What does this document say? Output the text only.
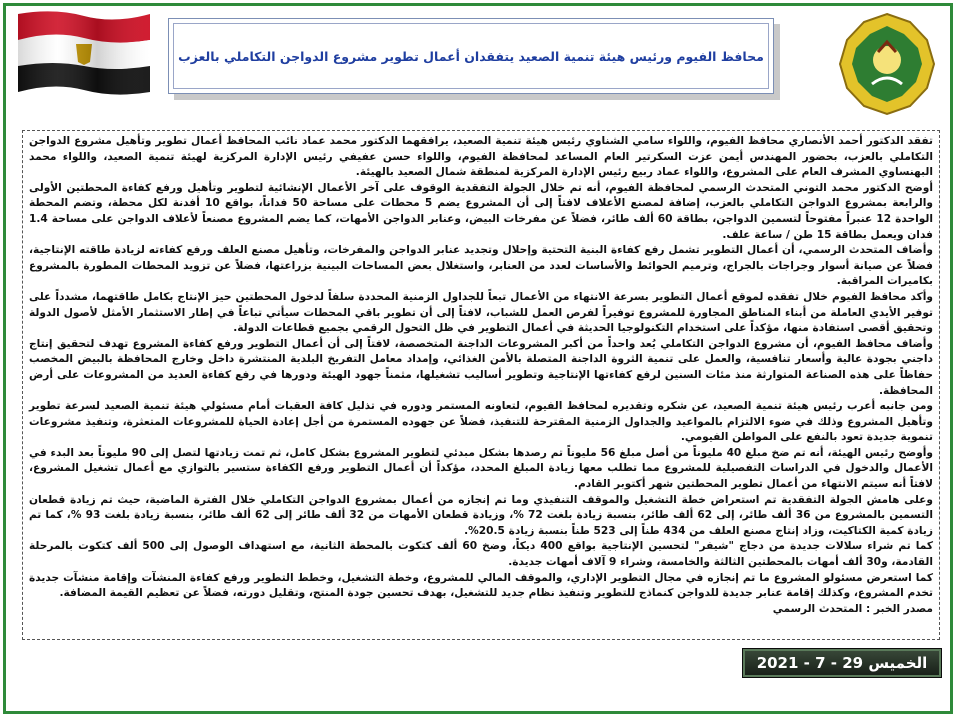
محافظ الفيوم ورئيس هيئة تنمية الصعيد يتفقدان أعمال تطوير مشروع الدواجن التكاملي بالعزب

تفقد الدكتور أحمد الأنصاري محافظ الفيوم، واللواء سامي الشناوي رئيس هيئة تنمية الصعيد، يرافقهما الدكتور محمد عماد نائب المحافظ أعمال تطوير وتأهيل مشروع الدواجن التكاملي بالعزب، بحضور المهندس أيمن عزت السكرتير العام المساعد لمحافظة الفيوم، واللواء حسن عفيفي رئيس الإدارة المركزية لهيئة تنمية الصعيد، واللواء محمد البهنساوي المشرف العام على المشروع، واللواء عماد ربيع رئيس الإدارة المركزية لمنطقة شمال الصعيد بالهيئة.

أوضح الدكتور محمد التوني المتحدث الرسمي لمحافظة الفيوم، أنه تم خلال الجولة التفقدية الوقوف على آخر الأعمال الإنشائية لتطوير وتأهيل ورفع كفاءة المحطتين الأولى والرابعة بمشروع الدواجن التكاملي بالعزب، إضافة لمصنع الأعلاف لافتاً إلى أن المشروع يضم 5 محطات على مساحة 50 فداناً، بواقع 10 أفدنة لكل محطة، وتضم المحطة الواحدة 12 عنبراً مفتوحاً لتسمين الدواجن، بطاقة 60 ألف طائر، فضلاً عن مفرخات البيض، وعنابر الدواجن الأمهات، كما يضم المشروع مصنعاً لأعلاف الدواجن على مساحة 1.4 فدان ويعمل بطاقة 15 طن / ساعة علف.

وأضاف المتحدث الرسمي، أن أعمال التطوير تشمل رفع كفاءة البنية التحتية وإحلال وتجديد عنابر الدواجن والمفرخات، وتأهيل مصنع العلف ورفع كفاءته لزيادة طاقته الإنتاجية، فضلاً عن صيانة أسوار وجراجات بالجراج، وترميم الحوائط والأساسات لعدد من العنابر، واستغلال بعض المساحات البينية بزراعتها، فضلاً عن تزويد المحطات المطورة بالمشروع بكاميرات المراقبة.

وأكد محافظ الفيوم خلال تفقده لموقع أعمال التطوير بسرعة الانتهاء من الأعمال تبعاً للجداول الزمنية المحددة سلفاً لدخول المحطتين حيز الإنتاج بكامل طاقتهما، مشدداً على توفير الأيدي العاملة من أبناء المناطق المجاورة للمشروع توفيراً لفرص العمل للشباب، لافتاً إلى أن تطوير باقي المحطات سيأتي تباعاً في إطار الاستثمار الأمثل لأصول الدولة وتحقيق أقصى استفادة منها، مؤكداً على استخدام التكنولوجيا الحديثة في أعمال التطوير في ظل التحول الرقمي بجميع قطاعات الدولة.

وأضاف محافظ الفيوم، أن مشروع الدواجن التكاملي يُعد واحداً من أكبر المشروعات الداجنة المتخصصة، لافتاً إلى أن أعمال التطوير ورفع كفاءة المشروع تهدف لتحقيق إنتاج داجني بجودة عالية وأسعار تنافسية، والعمل على تنمية الثروة الداجنة المتصلة بالأمن الغذائي، وإمداد معامل التفريخ البلدية المنتشرة داخل وخارج المحافظة بالبيض المخصب حفاظاً على هذه الصناعة المتوارثة منذ مئات السنين لرفع كفاءتها الإنتاجية وتطوير أساليب تشغيلها، مثمناً جهود الهيئة ودورها في رفع كفاءة العديد من المشروعات على أرض المحافظة.

ومن جانبه أعرب رئيس هيئة تنمية الصعيد، عن شكره وتقديره لمحافظ الفيوم، لتعاونه المستمر ودوره في تذليل كافة العقبات أمام مسئولي هيئة تنمية الصعيد لسرعة تطوير وتأهيل المشروع وذلك في ضوء الالتزام بالمواعيد والجداول الزمنية المقترحة للتنفيذ، فضلاً عن جهوده المستمرة من أجل إعادة الحياة للمشروعات المتعثرة، وتنفيذ مشروعات تنموية جديدة تعود بالنفع على المواطن الفيومي.

وأوضح رئيس الهيئة، أنه تم ضخ مبلغ 40 مليوناً من أصل مبلغ 56 مليوناً تم رصدها بشكل مبدئي لتطوير المشروع بشكل كامل، ثم تمت زيادتها لتصل إلى 90 مليوناً بعد البدء في الأعمال والدخول في الدراسات التفصيلية للمشروع مما تطلب معها زيادة المبلغ المحدد، مؤكداً أن أعمال التطوير ورفع الكفاءة ستسير بالتوازي مع أعمال تشغيل المشروع، لافتاً أنه سيتم الانتهاء من أعمال تطوير المحطتين شهر أكتوبر القادم.

وعلى هامش الجولة التفقدية تم استعراض خطة التشغيل والموقف التنفيذي وما تم إنجازه من أعمال بمشروع الدواجن التكاملي خلال الفترة الماضية، حيث تم زيادة قطعان التسمين بالمشروع من 36 ألف طائر، إلى 62 ألف طائر، بنسبة زيادة بلغت 72 %، وزيادة قطعان الأمهات من 32 ألف طائر إلى 62 ألف طائر، بنسبة زيادة بلغت 93 %، كما تم زيادة كمية الكتاكيت، وزاد إنتاج مصنع العلف من 434 طناً إلى 523 طناً بنسبة زيادة 20.5%.

كما تم شراء سلالات جديدة من دجاج "شيفر" لتحسين الإنتاجية بواقع 400 ديكاً، وضخ 60 ألف كتكوت بالمحطة الثانية، مع استهداف الوصول إلى 500 ألف كتكوت بالمرحلة القادمة، و30 ألف أمهات بالمحطتين الثالثة والخامسة، وشراء 9 آلاف أمهات جديدة.

كما استعرض مسئولو المشروع ما تم إنجازه في مجال التطوير الإداري، والموقف المالي للمشروع، وخطة التشغيل، وخطط التطوير ورفع كفاءة المنشآت وإقامة منشآت جديدة تخدم المشروع، وكذلك إقامة عنابر جديدة للدواجن كنماذج للتطوير وتنفيذ نظام جديد للتشغيل، بهدف تحسين جودة المنتج، وتقليل دورته، فضلاً عن تعظيم القيمة المضافة.

مصدر الخبر : المتحدث الرسمي

الخميس 29 - 7 - 2021
